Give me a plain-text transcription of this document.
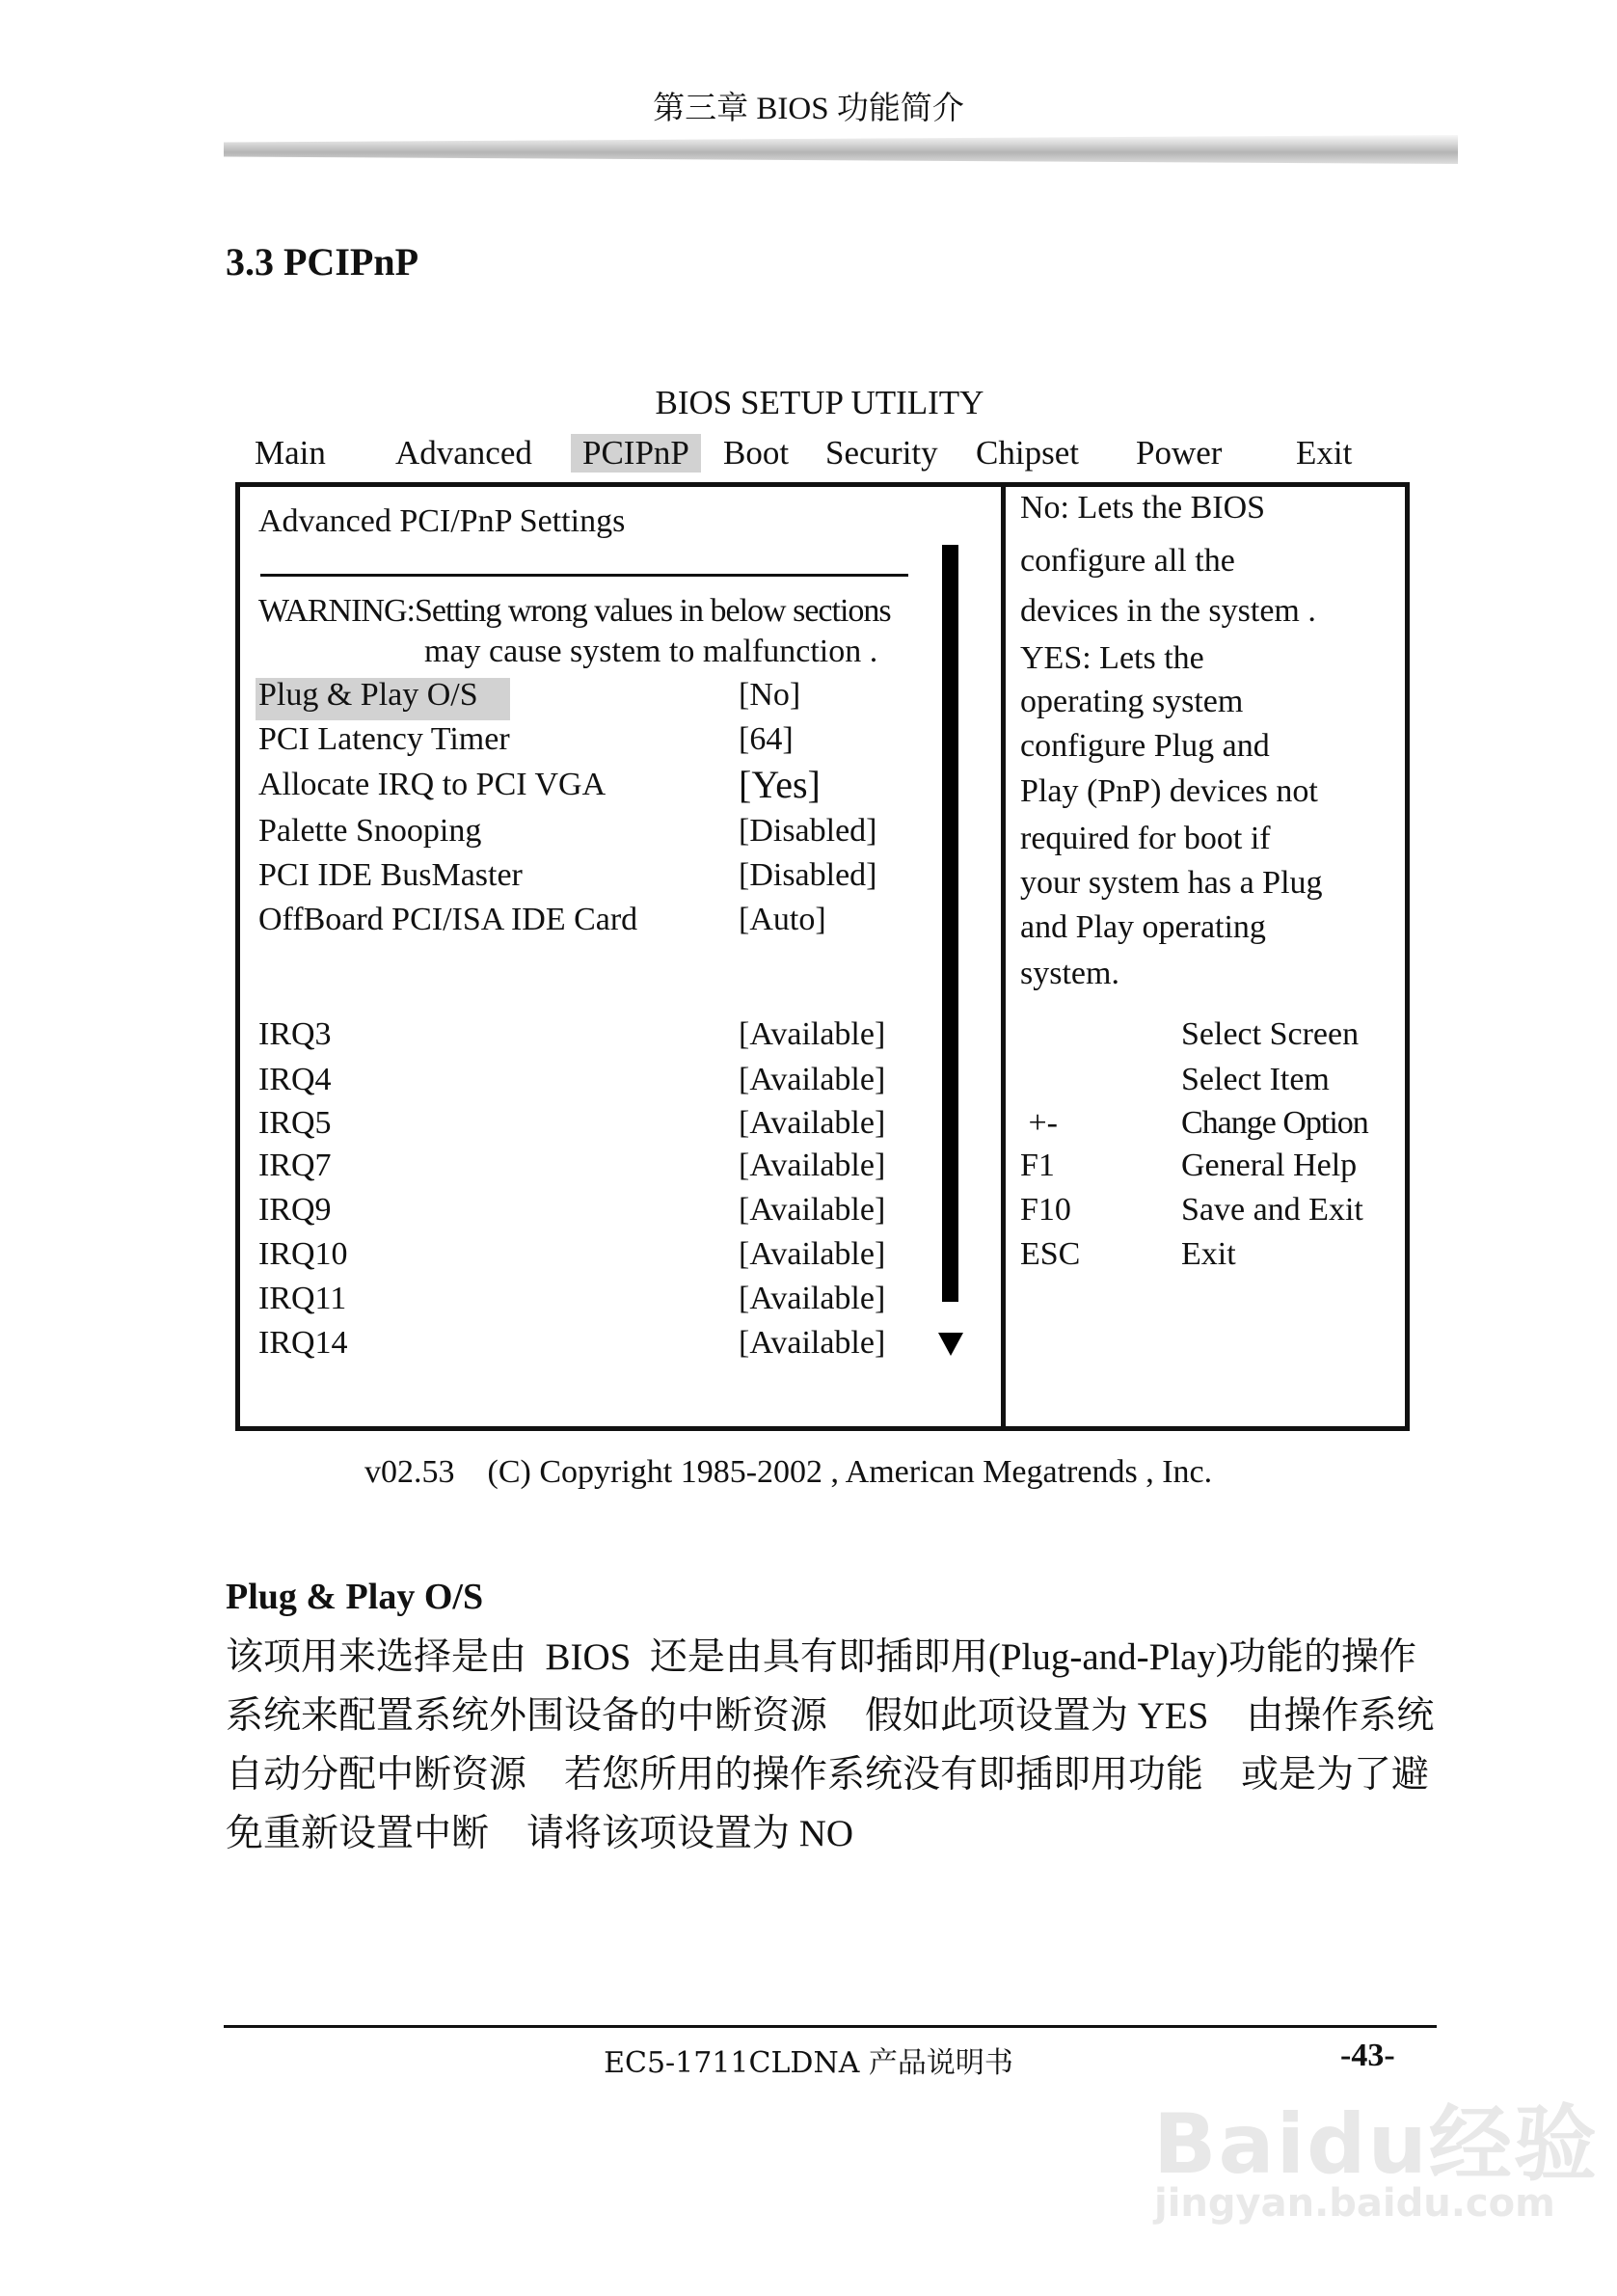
第三章 BIOS 功能简介
3.3 PCIPnP
BIOS SETUP UTILITY
Main	Advanced	PCIPnP	Boot	Security	Chipset	Power	Exit
Advanced PCI/PnP Settings
WARNING:Setting wrong values in below sections
may cause system to malfunction .
Plug & Play O/S	[No]
PCI Latency Timer	[64]
Allocate IRQ to PCI VGA	[Yes]
Palette Snooping	[Disabled]
PCI IDE BusMaster	[Disabled]
OffBoard PCI/ISA IDE Card	[Auto]
IRQ3	[Available]
IRQ4	[Available]
IRQ5	[Available]
IRQ7	[Available]
IRQ9	[Available]
IRQ10	[Available]
IRQ11	[Available]
IRQ14	[Available]
No: Lets the BIOS
configure all the
devices in the system .
YES: Lets the
operating system
configure Plug and
Play (PnP) devices not
required for boot if
your system has a Plug
and Play operating
system.
Select Screen
Select Item
+-	Change Option
F1	General Help
F10	Save and Exit
ESC	Exit
v02.53    (C) Copyright 1985-2002 , American Megatrends , Inc.
Plug & Play O/S
该项用来选择是由  BIOS  还是由具有即插即用(Plug-and-Play)功能的操作系统来配置系统外围设备的中断资源    假如此项设置为 YES    由操作系统自动分配中断资源    若您所用的操作系统没有即插即用功能    或是为了避免重新设置中断    请将该项设置为 NO
EC5-1711CLDNA 产品说明书	-43-
Baidu经验
jingyan.baidu.com
